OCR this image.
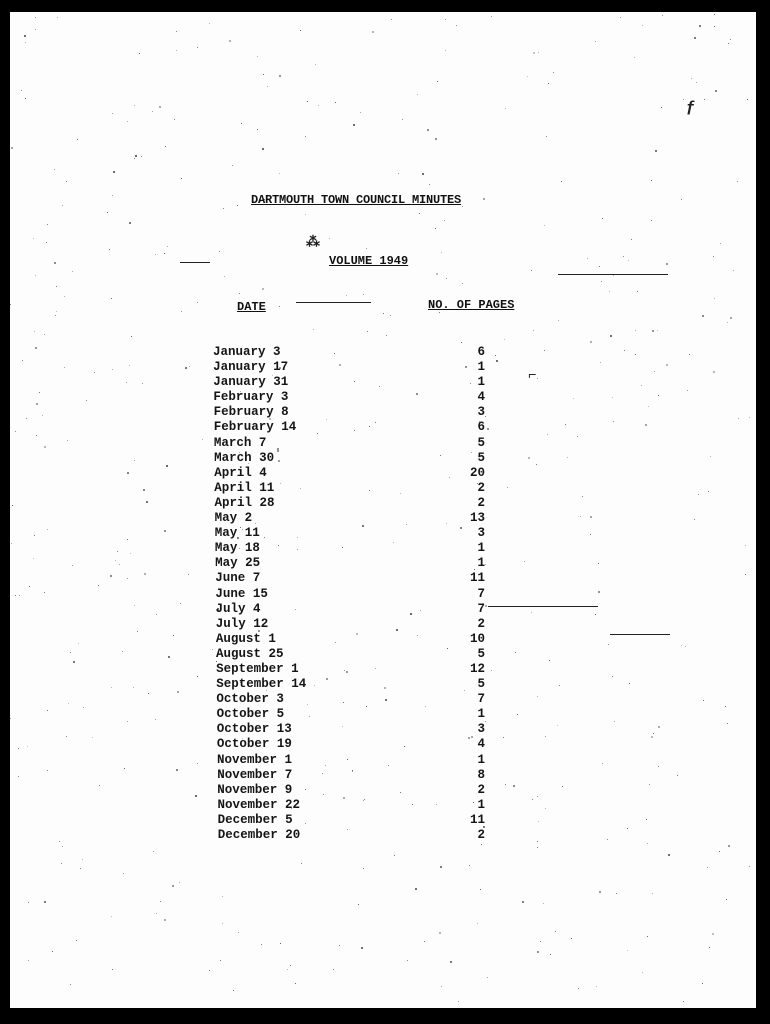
DARTMOUTH TOWN COUNCIL MINUTES
⁂
VOLUME 1949
DATE	NO. OF PAGES
ƒ
⌐
January 3	6
January 17	1
January 31	1
February 3	4
February 8	3
February 14	6
March 7	5
March 30	5
April 4	20
April 11	2
April 28	2
May 2	13
May 11	3
May 18	1
May 25	1
June 7	11
June 15	7
July 4	7
July 12	2
August 1	10
August 25	5
September 1	12
September 14	5
October 3	7
October 5	1
October 13	3
October 19	4
November 1	1
November 7	8
November 9	2
November 22	1
December 5	11
December 20	2
